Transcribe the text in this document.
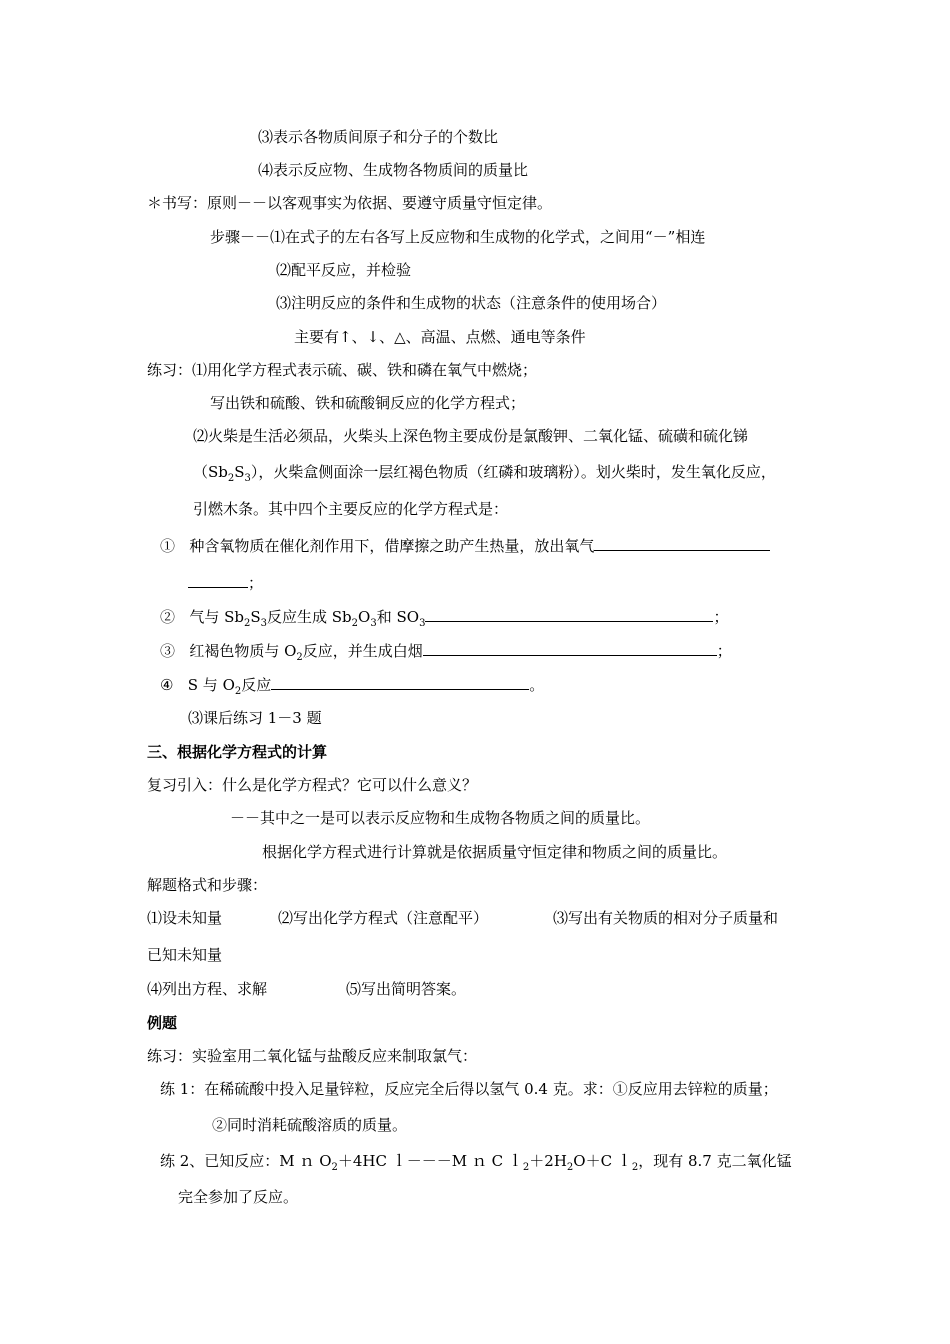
⑶表示各物质间原子和分子的个数比
⑷表示反应物、生成物各物质间的质量比
＊书写：原则－－以客观事实为依据、要遵守质量守恒定律。
步骤－－⑴在式子的左右各写上反应物和生成物的化学式，之间用“－”相连
⑵配平反应，并检验
⑶注明反应的条件和生成物的状态（注意条件的使用场合）
主要有↑、↓、△、高温、点燃、通电等条件
练习：⑴用化学方程式表示硫、碳、铁和磷在氧气中燃烧；
写出铁和硫酸、铁和硫酸铜反应的化学方程式；
⑵火柴是生活必须品，火柴头上深色物主要成份是氯酸钾、二氧化锰、硫磺和硫化锑
$(Sb_2S_3)$，火柴盒侧面涂一层红褐色物质（红磷和玻璃粉）。划火柴时，发生氧化反应，
引燃木条。其中四个主要反应的化学方程式是：
① 种含氧物质在催化剂作用下，借摩擦之助产生热量，放出氧气
；
② 气与 $Sb_2S_3$反应生成 $Sb_2O_3$和 $SO_3$	；
③ 红褐色物质与 $O_2$反应，并生成白烟	；
④ S 与 $O_2$反应	。
⑶课后练习 1－3 题
三、根据化学方程式的计算
复习引入：什么是化学方程式？它可以什么意义？
－－其中之一是可以表示反应物和生成物各物质之间的质量比。
根据化学方程式进行计算就是依据质量守恒定律和物质之间的质量比。
解题格式和步骤：
⑴设未知量	⑵写出化学方程式（注意配平）	⑶写出有关物质的相对分子质量和
已知未知量
⑷列出方程、求解	⑸写出简明答案。
例题
练习：实验室用二氧化锰与盐酸反应来制取氯气：
练 1：在稀硫酸中投入足量锌粒，反应完全后得以氢气 0.4 克。求：①反应用去锌粒的质量；
②同时消耗硫酸溶质的质量。
练 2、已知反应：M ｎ $O_2+4HC$ ｌ－－－M ｎ C $l_2+2H_2O+C$ ｌ$_2$，现有 8.7 克二氧化锰
完全参加了反应。
